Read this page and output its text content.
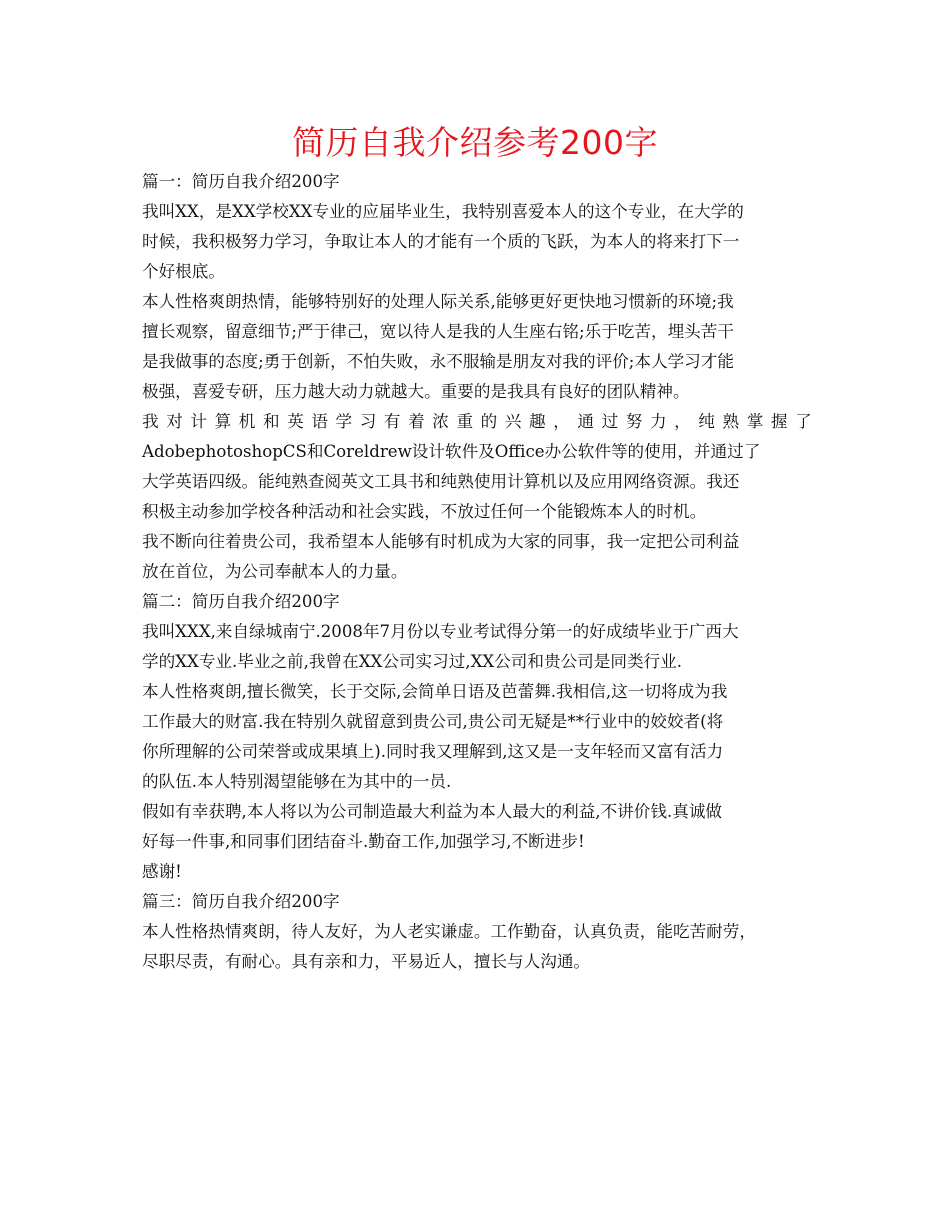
简历自我介绍参考200字
篇一：简历自我介绍200字
我叫XX，是XX学校XX专业的应届毕业生，我特别喜爱本人的这个专业，在大学的
时候，我积极努力学习，争取让本人的才能有一个质的飞跃，为本人的将来打下一
个好根底。
本人性格爽朗热情，能够特别好的处理人际关系,能够更好更快地习惯新的环境;我
擅长观察，留意细节;严于律己，宽以待人是我的人生座右铭;乐于吃苦，埋头苦干
是我做事的态度;勇于创新，不怕失败，永不服输是朋友对我的评价;本人学习才能
极强，喜爱专研，压力越大动力就越大。重要的是我具有良好的团队精神。
我 对 计 算 机 和 英 语 学 习 有 着 浓 重 的 兴 趣 ， 通 过 努 力 ， 纯 熟 掌 握 了
AdobephotoshopCS和Coreldrew设计软件及Office办公软件等的使用，并通过了
大学英语四级。能纯熟查阅英文工具书和纯熟使用计算机以及应用网络资源。我还
积极主动参加学校各种活动和社会实践，不放过任何一个能锻炼本人的时机。
我不断向往着贵公司，我希望本人能够有时机成为大家的同事，我一定把公司利益
放在首位，为公司奉献本人的力量。
篇二：简历自我介绍200字
我叫XXX,来自绿城南宁.2008年7月份以专业考试得分第一的好成绩毕业于广西大
学的XX专业.毕业之前,我曾在XX公司实习过,XX公司和贵公司是同类行业.
本人性格爽朗,擅长微笑，长于交际,会简单日语及芭蕾舞.我相信,这一切将成为我
工作最大的财富.我在特别久就留意到贵公司,贵公司无疑是**行业中的姣姣者(将
你所理解的公司荣誉或成果填上).同时我又理解到,这又是一支年轻而又富有活力
的队伍.本人特别渴望能够在为其中的一员.
假如有幸获聘,本人将以为公司制造最大利益为本人最大的利益,不讲价钱.真诚做
好每一件事,和同事们团结奋斗.勤奋工作,加强学习,不断进步!
感谢!
篇三：简历自我介绍200字
本人性格热情爽朗，待人友好，为人老实谦虚。工作勤奋，认真负责，能吃苦耐劳，
尽职尽责，有耐心。具有亲和力，平易近人，擅长与人沟通。
